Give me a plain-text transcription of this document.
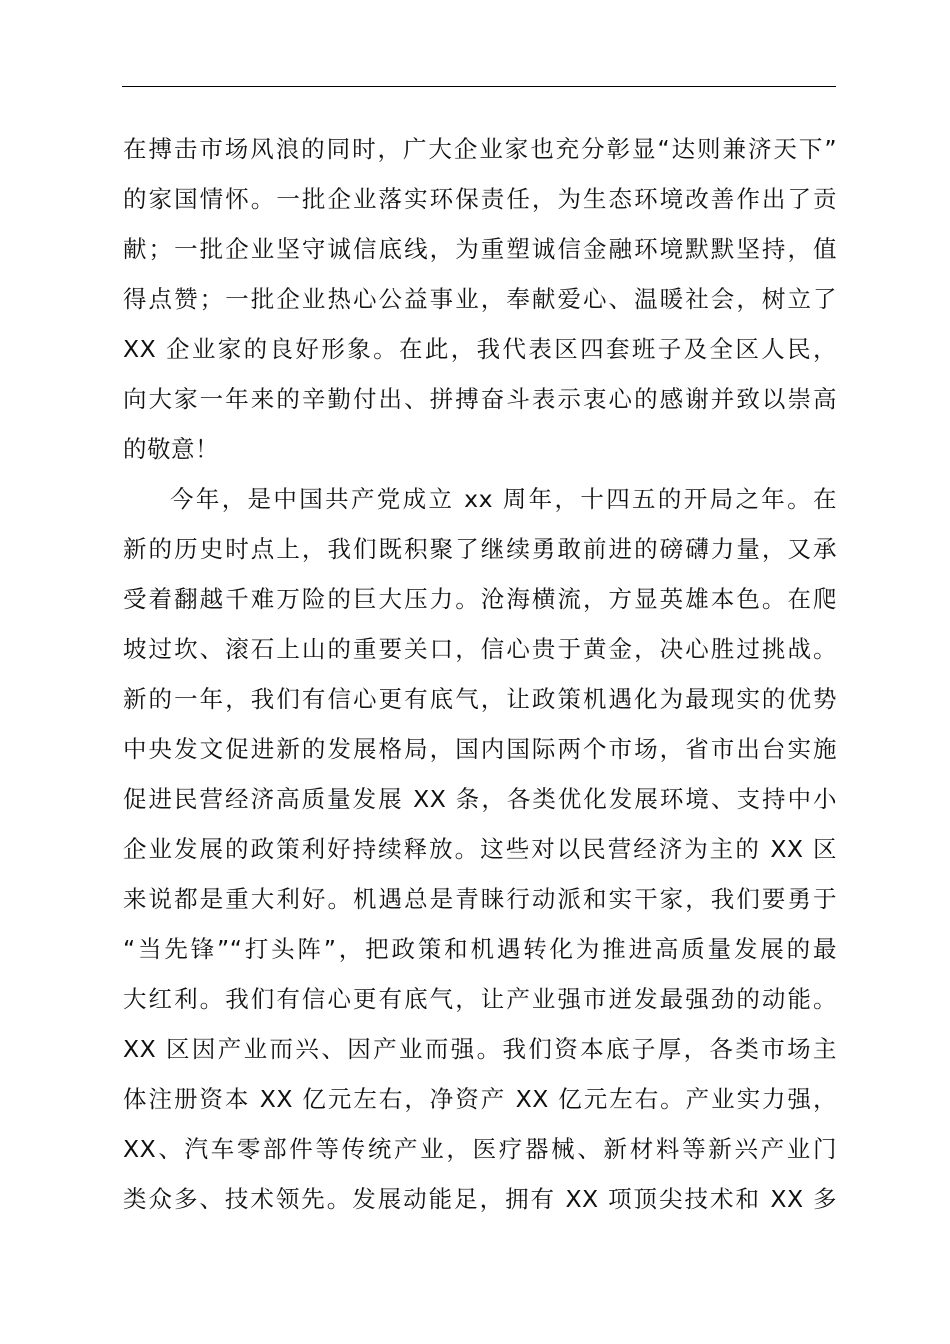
在搏击市场风浪的同时，广大企业家也充分彰显“达则兼济天下”
的家国情怀。一批企业落实环保责任，为生态环境改善作出了贡
献；一批企业坚守诚信底线，为重塑诚信金融环境默默坚持，值
得点赞；一批企业热心公益事业，奉献爱心、温暖社会，树立了
XX 企业家的良好形象。在此，我代表区四套班子及全区人民，
向大家一年来的辛勤付出、拼搏奋斗表示衷心的感谢并致以崇高
的敬意！
今年，是中国共产党成立 xx 周年，十四五的开局之年。在
新的历史时点上，我们既积聚了继续勇敢前进的磅礴力量，又承
受着翻越千难万险的巨大压力。沧海横流，方显英雄本色。在爬
坡过坎、滚石上山的重要关口，信心贵于黄金，决心胜过挑战。
新的一年，我们有信心更有底气，让政策机遇化为最现实的优势
中央发文促进新的发展格局，国内国际两个市场，省市出台实施
促进民营经济高质量发展 XX 条，各类优化发展环境、支持中小
企业发展的政策利好持续释放。这些对以民营经济为主的 XX 区
来说都是重大利好。机遇总是青睐行动派和实干家，我们要勇于
“当先锋”“打头阵”，把政策和机遇转化为推进高质量发展的最
大红利。我们有信心更有底气，让产业强市迸发最强劲的动能。
XX 区因产业而兴、因产业而强。我们资本底子厚，各类市场主
体注册资本 XX 亿元左右，净资产 XX 亿元左右。产业实力强，
XX、汽车零部件等传统产业，医疗器械、新材料等新兴产业门
类众多、技术领先。发展动能足，拥有 XX 项顶尖技术和 XX 多
